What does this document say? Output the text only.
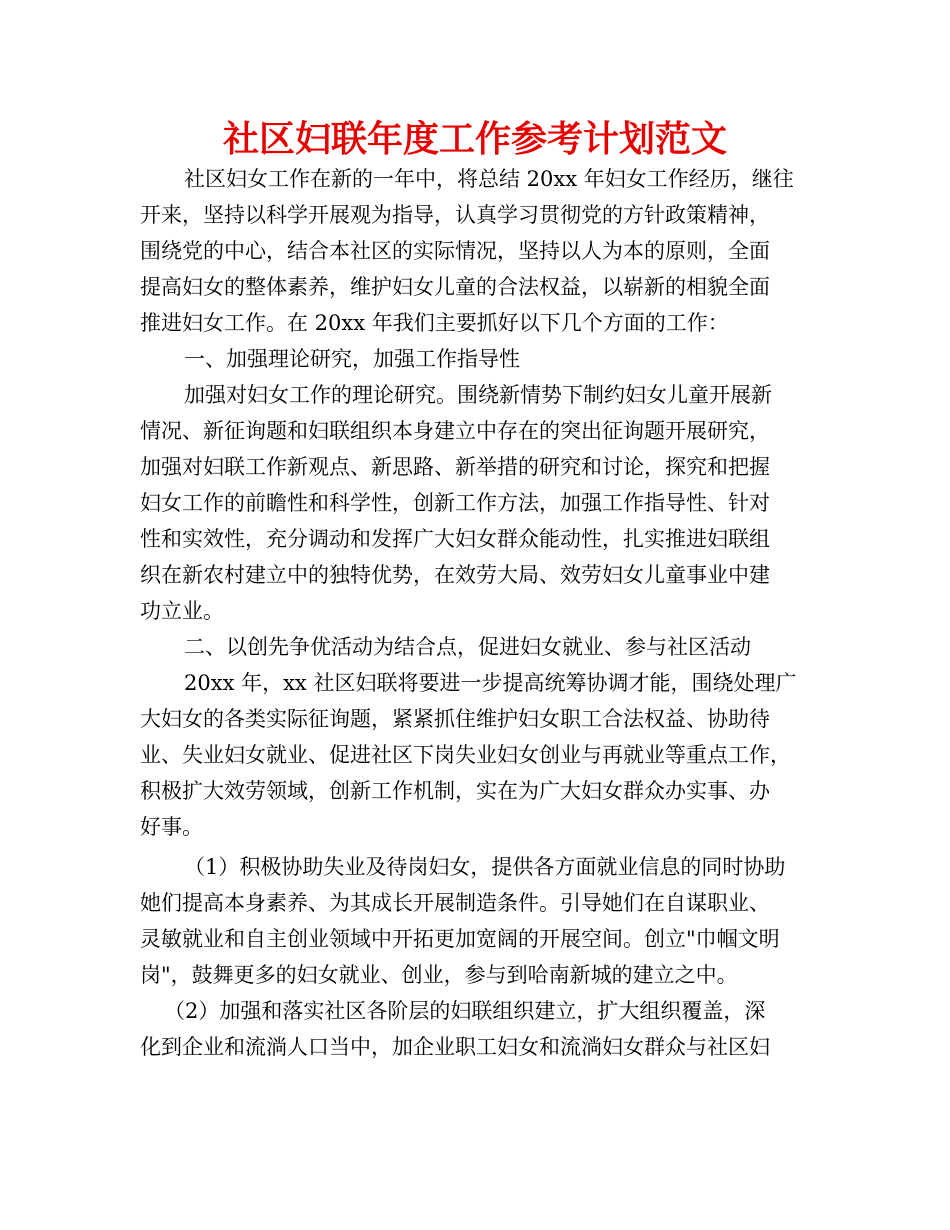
社区妇联年度工作参考计划范文
社区妇女工作在新的一年中，将总结 20xx 年妇女工作经历，继往
开来，坚持以科学开展观为指导，认真学习贯彻党的方针政策精神，
围绕党的中心，结合本社区的实际情况，坚持以人为本的原则，全面
提高妇女的整体素养，维护妇女儿童的合法权益，以崭新的相貌全面
推进妇女工作。在 20xx 年我们主要抓好以下几个方面的工作：
一、加强理论研究，加强工作指导性
加强对妇女工作的理论研究。围绕新情势下制约妇女儿童开展新
情况、新征询题和妇联组织本身建立中存在的突出征询题开展研究，
加强对妇联工作新观点、新思路、新举措的研究和讨论，探究和把握
妇女工作的前瞻性和科学性，创新工作方法，加强工作指导性、针对
性和实效性，充分调动和发挥广大妇女群众能动性，扎实推进妇联组
织在新农村建立中的独特优势，在效劳大局、效劳妇女儿童事业中建
功立业。
二、以创先争优活动为结合点，促进妇女就业、参与社区活动
20xx 年，xx 社区妇联将要进一步提高统筹协调才能，围绕处理广
大妇女的各类实际征询题，紧紧抓住维护妇女职工合法权益、协助待
业、失业妇女就业、促进社区下岗失业妇女创业与再就业等重点工作，
积极扩大效劳领域，创新工作机制，实在为广大妇女群众办实事、办
好事。
（1）积极协助失业及待岗妇女，提供各方面就业信息的同时协助
她们提高本身素养、为其成长开展制造条件。引导她们在自谋职业、
灵敏就业和自主创业领域中开拓更加宽阔的开展空间。创立"巾帼文明
岗"，鼓舞更多的妇女就业、创业，参与到哈南新城的建立之中。
（2）加强和落实社区各阶层的妇联组织建立，扩大组织覆盖，深
化到企业和流淌人口当中，加企业职工妇女和流淌妇女群众与社区妇
